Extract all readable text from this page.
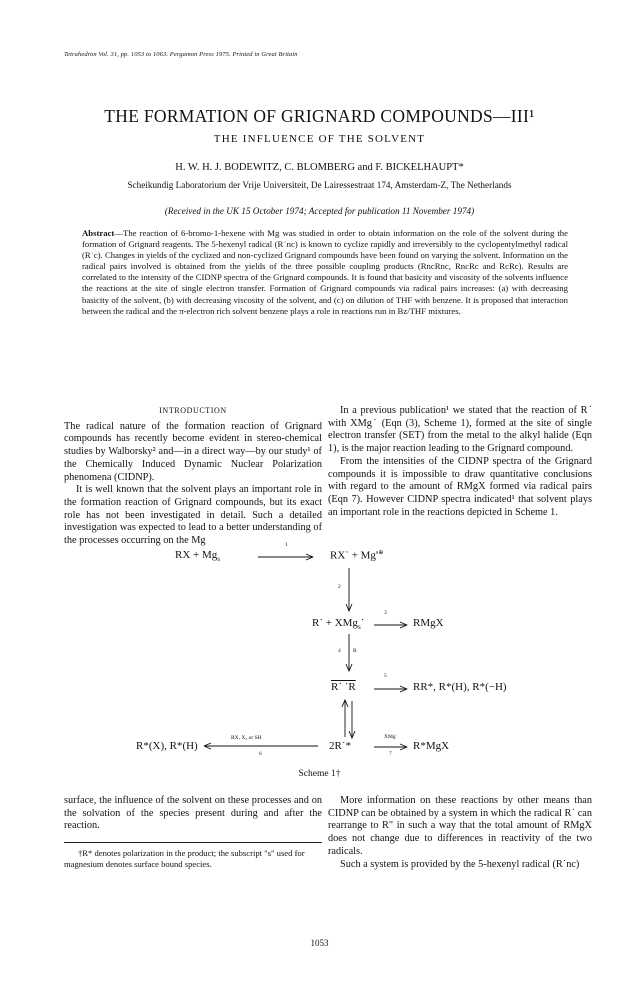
Tetrahedron Vol. 31, pp. 1053 to 1063. Pergamon Press 1975. Printed in Great Britain
THE FORMATION OF GRIGNARD COMPOUNDS—III¹
THE INFLUENCE OF THE SOLVENT
H. W. H. J. BODEWITZ, C. BLOMBERG and F. BICKELHAUPT*
Scheikundig Laboratorium der Vrije Universiteit, De Lairessestraat 174, Amsterdam-Z, The Netherlands
(Received in the UK 15 October 1974; Accepted for publication 11 November 1974)
Abstract—The reaction of 6-bromo-1-hexene with Mg was studied in order to obtain information on the role of the solvent during the formation of Grignard reagents. The 5-hexenyl radical (R˙nc) is known to cyclize rapidly and irreversibly to the cyclopentylmethyl radical (R˙c). Changes in yields of the cyclized and non-cyclized Grignard compounds have been found on varying the solvent. Information on the radical pairs involved is obtained from the yields of the three possible coupling products (RncRnc, RncRc and RcRc). Results are correlated to the intensity of the CIDNP spectra of the Grignard compounds. It is found that basicity and viscosity of the solvents influence the reactions at the site of single electron transfer. Formation of Grignard compounds via radical pairs increases: (a) with decreasing basicity of the solvent, (b) with decreasing viscosity of the solvent, and (c) on dilution of THF with benzene. It is proposed that interaction between the radical and the π-electron rich solvent benzene plays a role in reactions run in Bz/THF mixtures.
INTRODUCTION

The radical nature of the formation reaction of Grignard compounds has recently become evident in stereo-chemical studies by Walborsky² and—in a direct way—by our study¹ of the Chemically Induced Dynamic Nuclear Polarization phenomena (CIDNP).

It is well known that the solvent plays an important role in the formation reaction of Grignard compounds, but its exact role has not been investigated in detail. Such a detailed investigation was expected to lead to a better understanding of the processes occurring on the Mg

In a previous publication¹ we stated that the reaction of R˙ with XMg˙ (Eqn (3), Scheme 1), formed at the site of single electron transfer (SET) from the metal to the alkyl halide (Eqn 1), is the major reaction leading to the Grignard compound.

From the intensities of the CIDNP spectra of the Grignard compounds it is impossible to draw quantitative conclusions with regard to the amount of RMgX formed via radical pairs (Eqn 7). However CIDNP spectra indicated¹ that solvent plays an important role in the reactions depicted in Scheme 1.

RX + $Mg_s$
1
RX˙ + $Mg^{s\oplus}$
2
R˙ + XMg$_s$˙
3
RMgX
4 R
R˙ ˙R
5
RR*, R*(H), R*(−H)
R*(X), R*(H)
RX, X₂ or SH
6
2R˙*
XMg˙
7
R*MgX
Scheme 1†

surface, the influence of the solvent on these processes and on the solvation of the species present during and after the reaction.

†R* denotes polarization in the product; the subscript "s" used for magnesium denotes surface bound species.

More information on these reactions by other means than CIDNP can be obtained by a system in which the radical R˙ can rearrange to R" in such a way that the total amount of RMgX does not change due to differences in reactivity of the two radicals.

Such a system is provided by the 5-hexenyl radical (R˙nc)

1053
